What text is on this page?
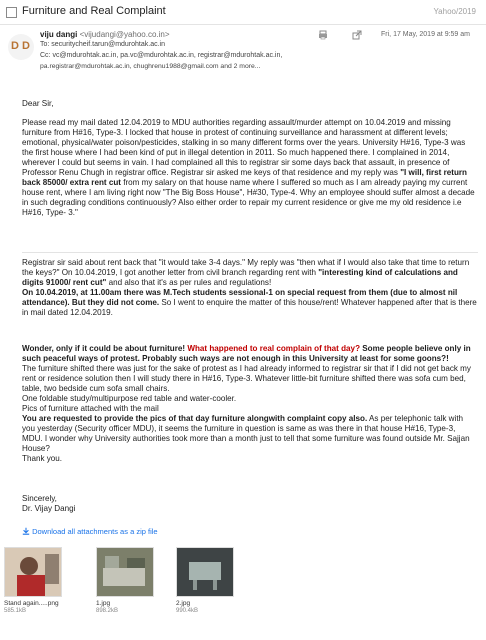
Furniture and Real Complaint	Yahoo/2019
D D
viju dangi <vijudangi@yahoo.co.in>	Fri, 17 May, 2019 at 9:59 am
To: securitycheif.tarun@mdurohtak.ac.in
Cc: vc@mdurohtak.ac.in, pa.vc@mdurohtak.ac.in, registrar@mdurohtak.ac.in,
pa.registrar@mdurohtak.ac.in, chughrenu1988@gmail.com and 2 more...

Dear Sir,

Please read my mail dated 12.04.2019 to MDU authorities regarding assault/murder attempt on 10.04.2019 and missing furniture from H#16, Type-3. I locked that house in protest of continuing surveillance and harassment at different levels; emotional, physical/water poison/pesticides, stalking in so many different forms over the years. University H#16, Type-3 was the first house where I had been kind of put in illegal detention in 2011. So much happened there. I complained in 2014, wherever I could but seems in vain. I had complained all this to registrar sir some days back that assault, in presence of Professor Renu Chugh in registrar office. Registrar sir asked me keys of that residence and my reply was "I will, first return back 85000/ extra rent cut from my salary on that house name where I suffered so much as I am already paying my current house rent, where I am living right now "The Big Boss House", H#30, Type-4. Why an employee should suffer almost a decade in such degrading conditions continuously? Also either order to repair my current residence or give me my old residence i.e H#16, Type- 3."

Registrar sir said about rent back that "it would take 3-4 days." My reply was "then what if I would also take that time to return the keys?" On 10.04.2019, I got another letter from civil branch regarding rent with "interesting kind of calculations and digits 91000/ rent cut" and also that it's as per rules and regulations!

On 10.04.2019, at 11.00am there was M.Tech students sessional-1 on special request from them (due to almost nil attendance). But they did not come. So I went to enquire the matter of this house/rent! Whatever happened after that is there in mail dated 12.04.2019.

Wonder, only if it could be about furniture! What happened to real complain of that day? Some people believe only in such peaceful ways of protest. Probably such ways are not enough in this University at least for some goons?!

The furniture shifted there was just for the sake of protest as I had already informed to registrar sir that if I did not get back my rent or residence solution then I will study there in H#16, Type-3. Whatever little-bit furniture shifted there was sofa cum bed, table, two bedside cum sofa small chairs.

One foldable study/multipurpose red table and water-cooler.

Pics of furniture attached with the mail

You are requested to provide the pics of that day furniture alongwith complaint copy also. As per telephonic talk with you yesterday (Security officer MDU), it seems the furniture in question is same as was there in that house H#16, Type-3, MDU. I wonder why University authorities took more than a month just to tell that some furniture was found outside Mr. Sajjan House?

Thank you.

Sincerely,

Dr. Vijay Dangi

Download all attachments as a zip file
Stand again.....png
585.1kB
1.jpg
898.2kB
2.jpg
990.4kB
